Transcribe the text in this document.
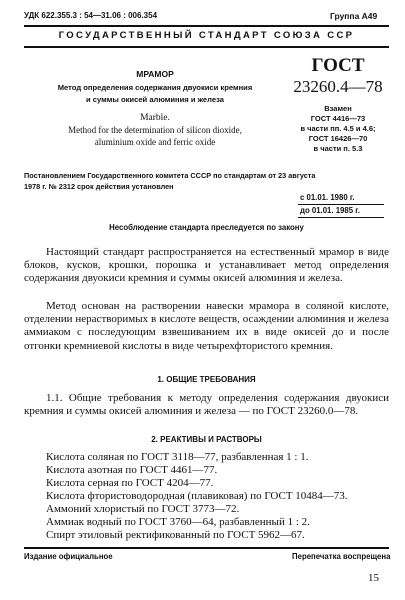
УДК 622.355.3 : 54—31.06 : 006.354	Группа А49
ГОСУДАРСТВЕННЫЙ СТАНДАРТ СОЮЗА ССР
МРАМОР
Метод определения содержания двуокиси кремния
и суммы окисей алюминия и железа
Marble.
Method for the determination of silicon dioxide,
aluminium oxide and ferric oxide
ГОСТ
23260.4—78
Взамен
ГОСТ 4416—73
в части пп. 4.5 и 4.6;
ГОСТ 16426—70
в части п. 5.3
Постановлением Государственного комитета СССР по стандартам от 23 августа
1978 г. № 2312 срок действия установлен
с 01.01. 1980 г.
до 01.01. 1985 г.
Несоблюдение стандарта преследуется по закону
Настоящий стандарт распространяется на естественный мрамор в виде блоков, кусков, крошки, порошка и устанавливает метод определения содержания двуокиси кремния и суммы окисей алюминия и железа.
Метод основан на растворении навески мрамора в соляной кислоте, отделении нерастворимых в кислоте веществ, осаждении алюминия и железа аммиаком с последующим взвешиванием их в виде окисей до и после отгонки кремниевой кислоты в виде четырехфтористого кремния.
1. ОБЩИЕ ТРЕБОВАНИЯ
1.1. Общие требования к методу определения содержания двуокиси кремния и суммы окисей алюминия и железа — по ГОСТ 23260.0—78.
2. РЕАКТИВЫ И РАСТВОРЫ
Кислота соляная по ГОСТ 3118—77, разбавленная 1 : 1.
Кислота азотная по ГОСТ 4461—77.
Кислота серная по ГОСТ 4204—77.
Кислота фтористоводородная (плавиковая) по ГОСТ 10484—73.
Аммоний хлористый по ГОСТ 3773—72.
Аммиак водный по ГОСТ 3760—64, разбавленный 1 : 2.
Спирт этиловый ректификованный по ГОСТ 5962—67.
Издание официальное	Перепечатка воспрещена
15
